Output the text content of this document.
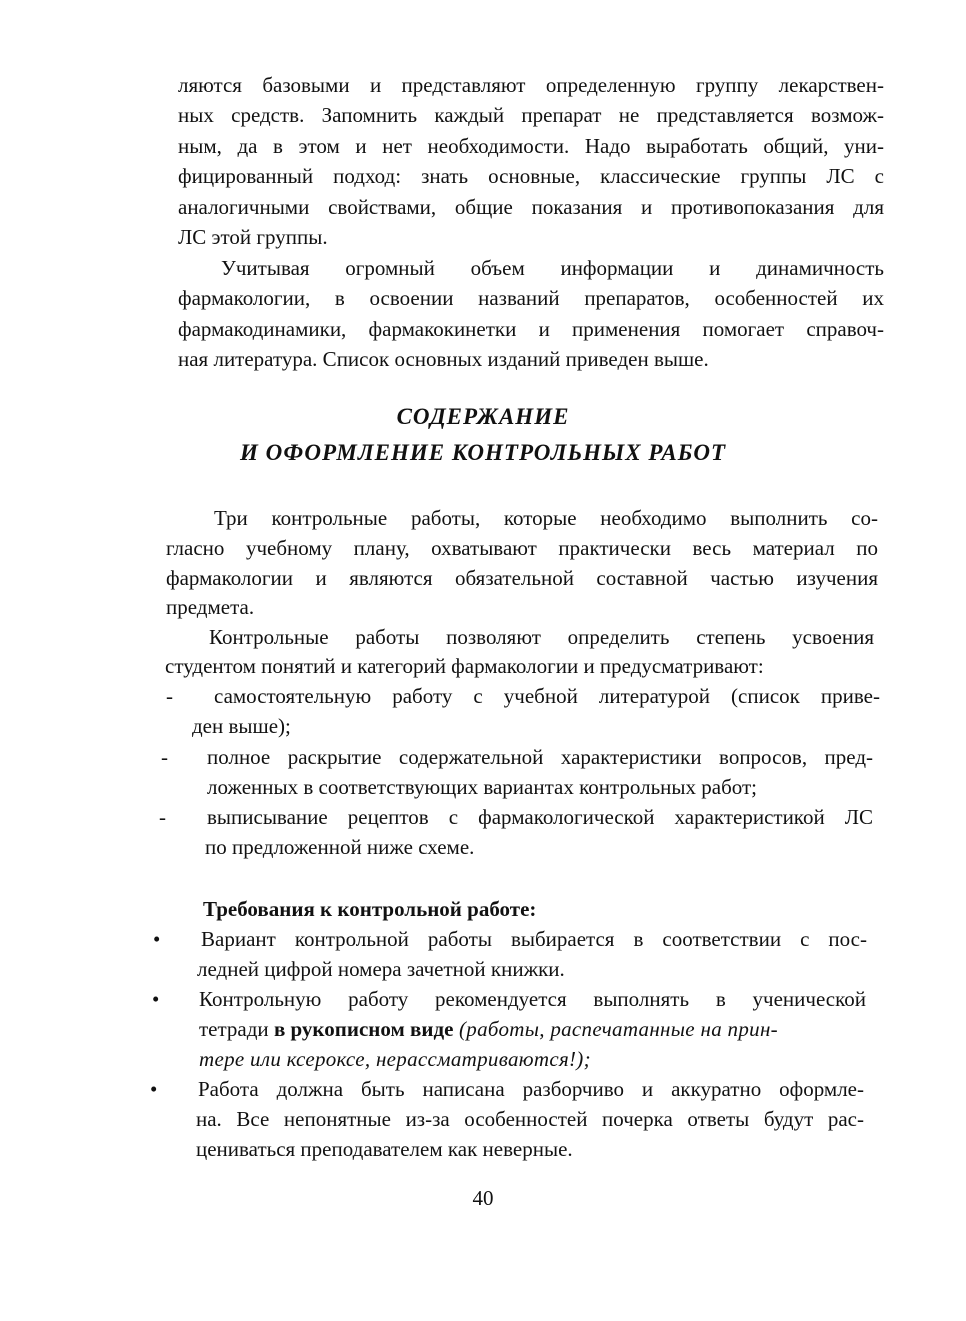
ляются базовыми и представляют определенную группу лекарствен-

ных средств. Запомнить каждый препарат не представляется возмож-

ным, да в этом и нет необходимости. Надо выработать общий, уни-

фицированный подход: знать основные, классические группы ЛС с

аналогичными свойствами, общие показания и противопоказания для

ЛС этой группы.

Учитывая огромный объем информации и динамичность

фармакологии, в освоении названий препаратов, особенностей их

фармакодинамики, фармакокинетки и применения помогает справоч-

ная литература. Список основных изданий приведен выше.

СОДЕРЖАНИЕ

И ОФОРМЛЕНИЕ КОНТРОЛЬНЫХ РАБОТ

Три контрольные работы, которые необходимо выполнить со-

гласно учебному плану, охватывают практически весь материал по

фармакологии и являются обязательной составной частью изучения

предмета.

Контрольные работы позволяют определить степень усвоения

студентом понятий и категорий фармакологии и предусматривают:

- самостоятельную работу с учебной литературой (список приве-

ден выше);

- полное раскрытие содержательной характеристики вопросов, пред-

ложенных в соответствующих вариантах контрольных работ;

- выписывание рецептов с фармакологической характеристикой ЛС

по предложенной ниже схеме.

Требования к контрольной работе:

• Вариант контрольной работы выбирается в соответствии с пос-

ледней цифрой номера зачетной книжки.

• Контрольную работу рекомендуется выполнять в ученической

тетради в рукописном виде (работы, распечатанные на прин-

тере или ксероксе, нерассматриваются!);

• Работа должна быть написана разборчиво и аккуратно оформле-

на. Все непонятные из-за особенностей почерка ответы будут рас-

цениваться преподавателем как неверные.

40
